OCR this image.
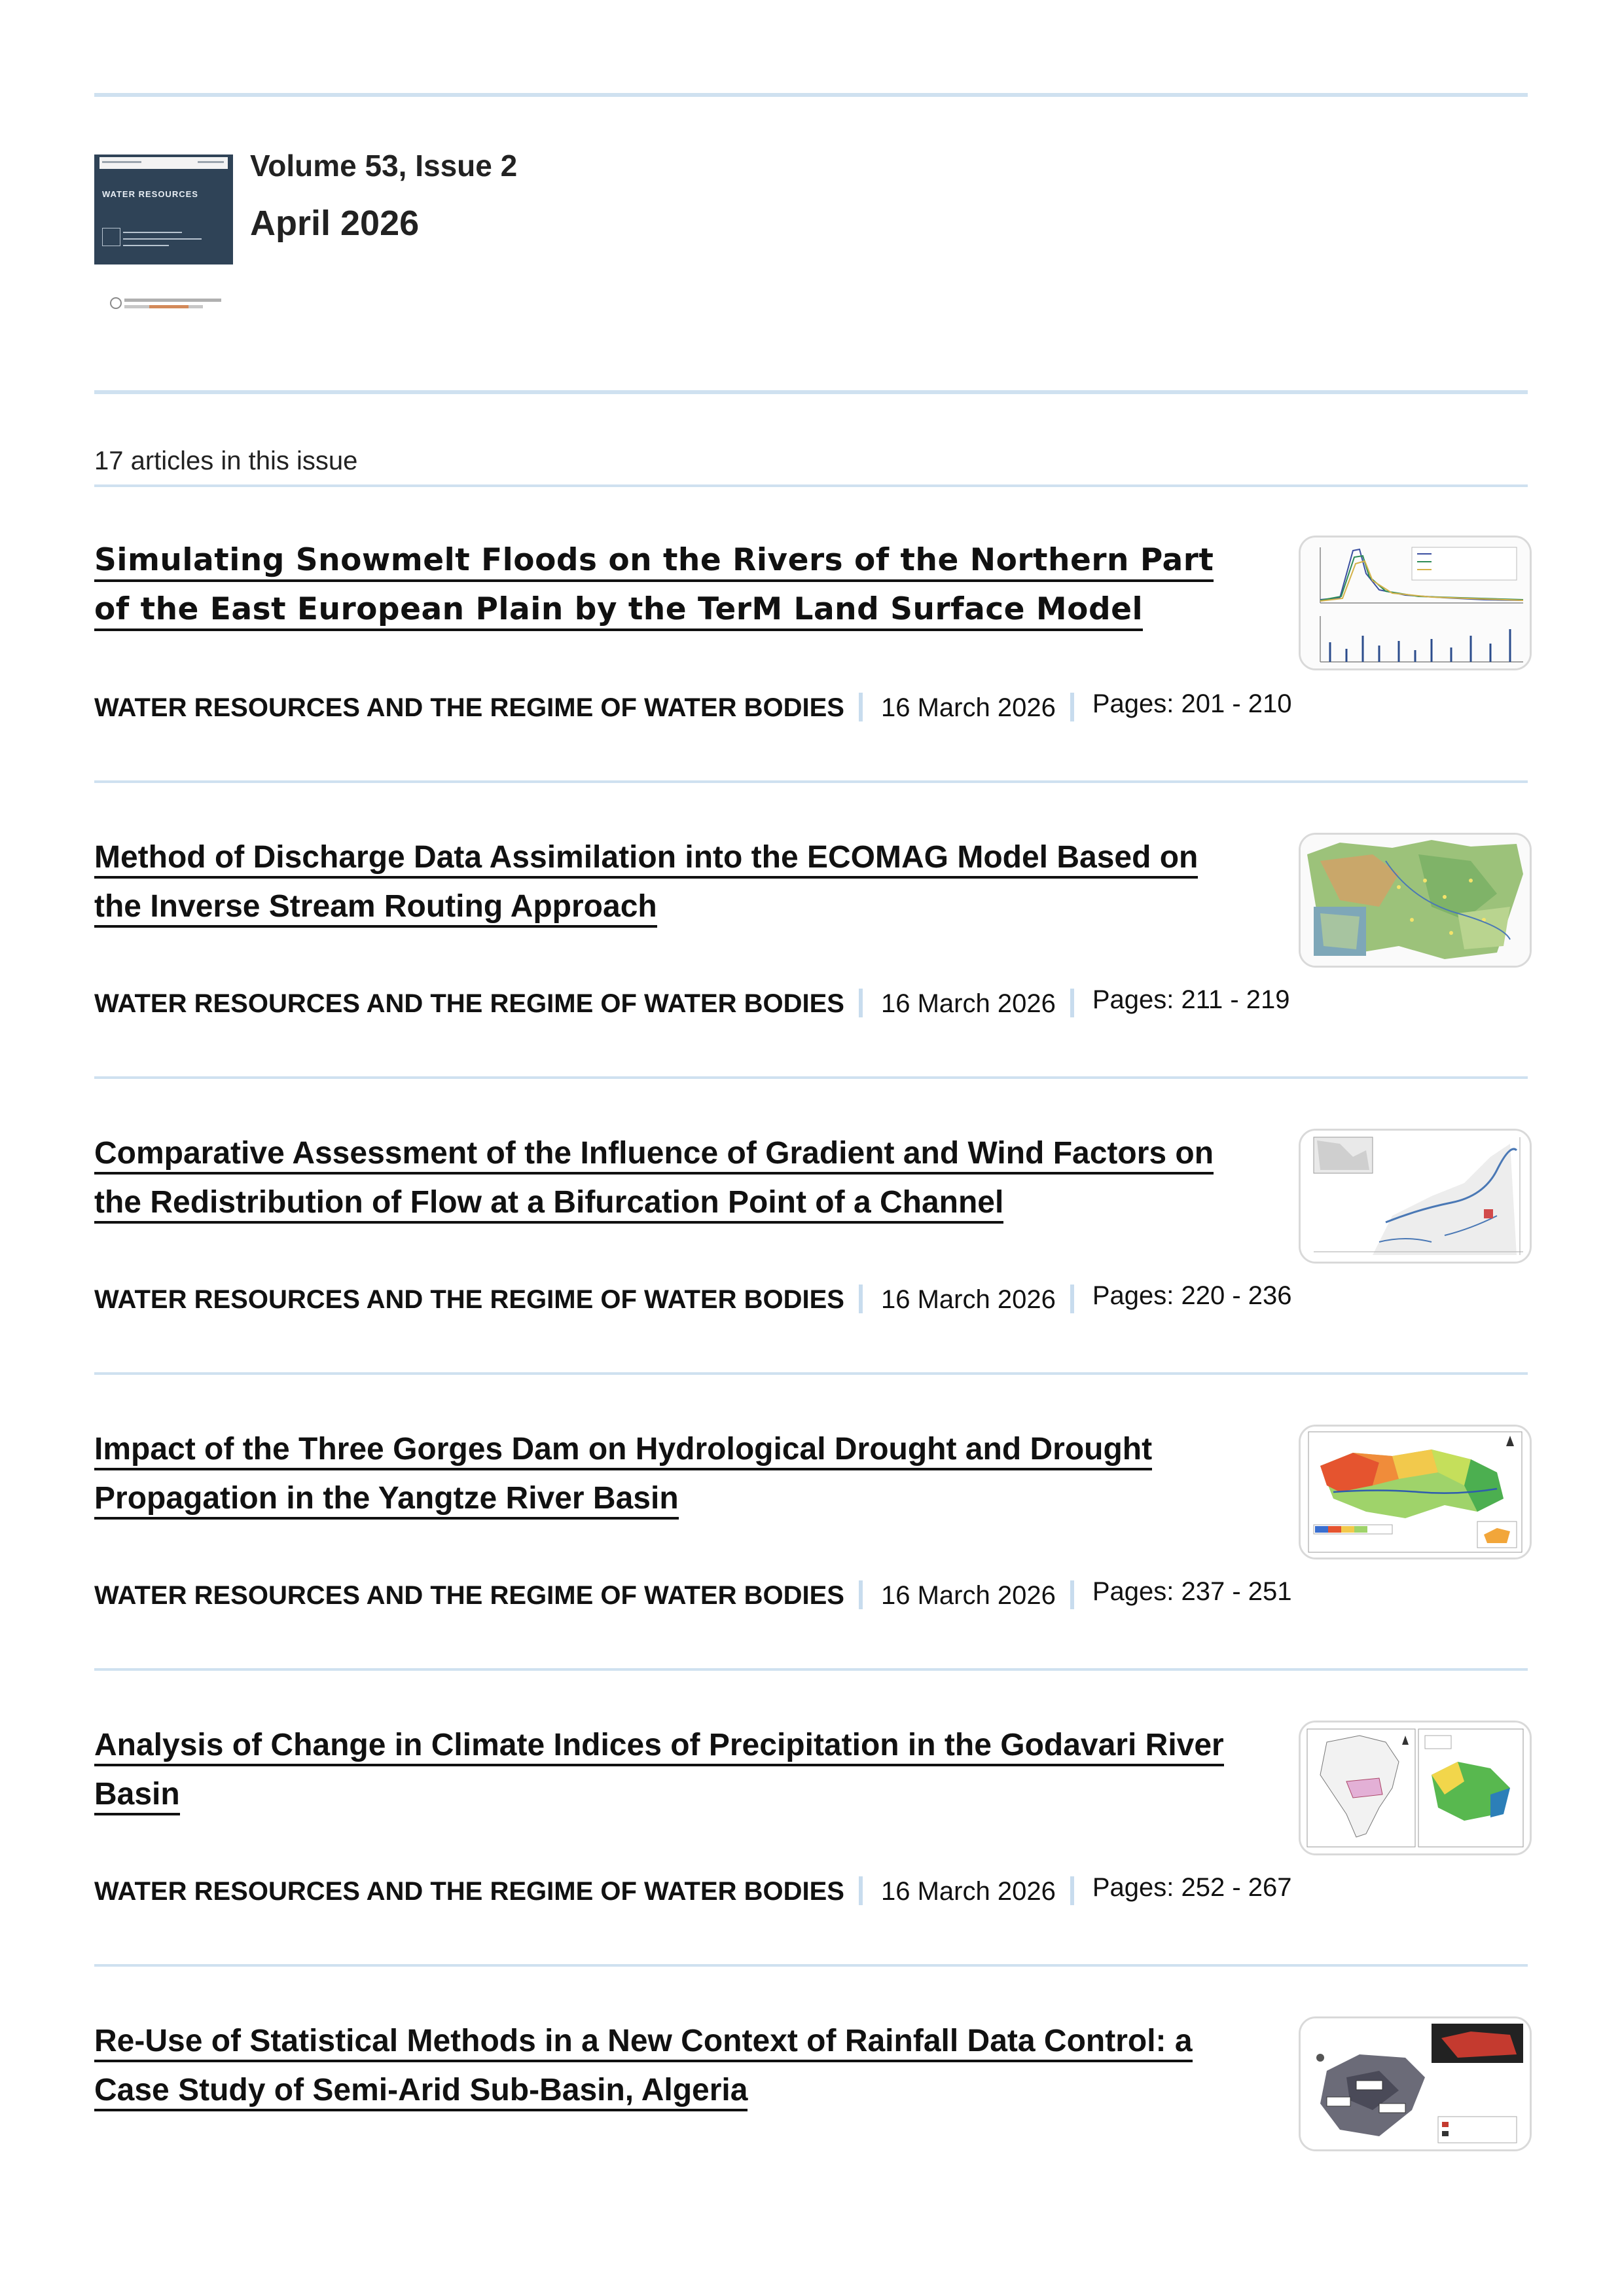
WATER RESOURCES
Volume 53, Issue 2
April 2026
17 articles in this issue
Simulating Snowmelt Floods on the Rivers of the Northern Part of the East European Plain by the TerM Land Surface Model
WATER RESOURCES AND THE REGIME OF WATER BODIES 16 March 2026 Pages: 201 - 210
Method of Discharge Data Assimilation into the ECOMAG Model Based on the Inverse Stream Routing Approach
WATER RESOURCES AND THE REGIME OF WATER BODIES 16 March 2026 Pages: 211 - 219
Comparative Assessment of the Influence of Gradient and Wind Factors on the Redistribution of Flow at a Bifurcation Point of a Channel
WATER RESOURCES AND THE REGIME OF WATER BODIES 16 March 2026 Pages: 220 - 236
Impact of the Three Gorges Dam on Hydrological Drought and Drought Propagation in the Yangtze River Basin
WATER RESOURCES AND THE REGIME OF WATER BODIES 16 March 2026 Pages: 237 - 251
Analysis of Change in Climate Indices of Precipitation in the Godavari River Basin
WATER RESOURCES AND THE REGIME OF WATER BODIES 16 March 2026 Pages: 252 - 267
Re-Use of Statistical Methods in a New Context of Rainfall Data Control: a Case Study of Semi-Arid Sub-Basin, Algeria
